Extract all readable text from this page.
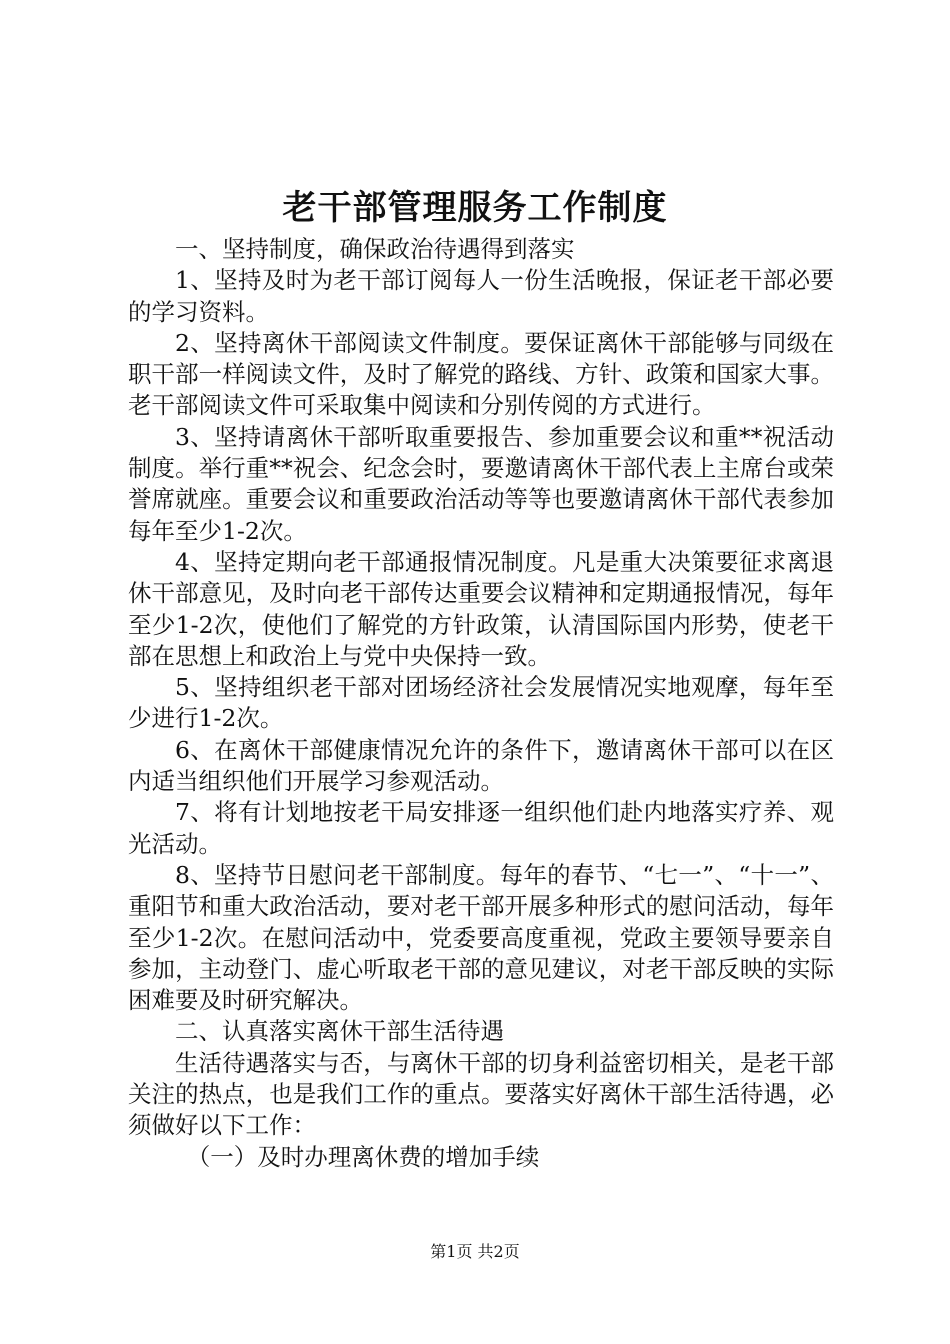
老干部管理服务工作制度

一、坚持制度，确保政治待遇得到落实

1、坚持及时为老干部订阅每人一份生活晚报，保证老干部必要的学习资料。

2、坚持离休干部阅读文件制度。要保证离休干部能够与同级在职干部一样阅读文件，及时了解党的路线、方针、政策和国家大事。老干部阅读文件可采取集中阅读和分别传阅的方式进行。

3、坚持请离休干部听取重要报告、参加重要会议和重**祝活动制度。举行重**祝会、纪念会时，要邀请离休干部代表上主席台或荣誉席就座。重要会议和重要政治活动等等也要邀请离休干部代表参加每年至少1-2次。

4、坚持定期向老干部通报情况制度。凡是重大决策要征求离退休干部意见，及时向老干部传达重要会议精神和定期通报情况，每年至少1-2次，使他们了解党的方针政策，认清国际国内形势，使老干部在思想上和政治上与党中央保持一致。

5、坚持组织老干部对团场经济社会发展情况实地观摩，每年至少进行1-2次。

6、在离休干部健康情况允许的条件下，邀请离休干部可以在区内适当组织他们开展学习参观活动。

7、将有计划地按老干局安排逐一组织他们赴内地落实疗养、观光活动。

8、坚持节日慰问老干部制度。每年的春节、“七一”、“十一”、重阳节和重大政治活动，要对老干部开展多种形式的慰问活动，每年至少1-2次。在慰问活动中，党委要高度重视，党政主要领导要亲自参加，主动登门、虚心听取老干部的意见建议，对老干部反映的实际困难要及时研究解决。

二、认真落实离休干部生活待遇

生活待遇落实与否，与离休干部的切身利益密切相关，是老干部关注的热点，也是我们工作的重点。要落实好离休干部生活待遇，必须做好以下工作：

（一）及时办理离休费的增加手续

第1页 共2页
